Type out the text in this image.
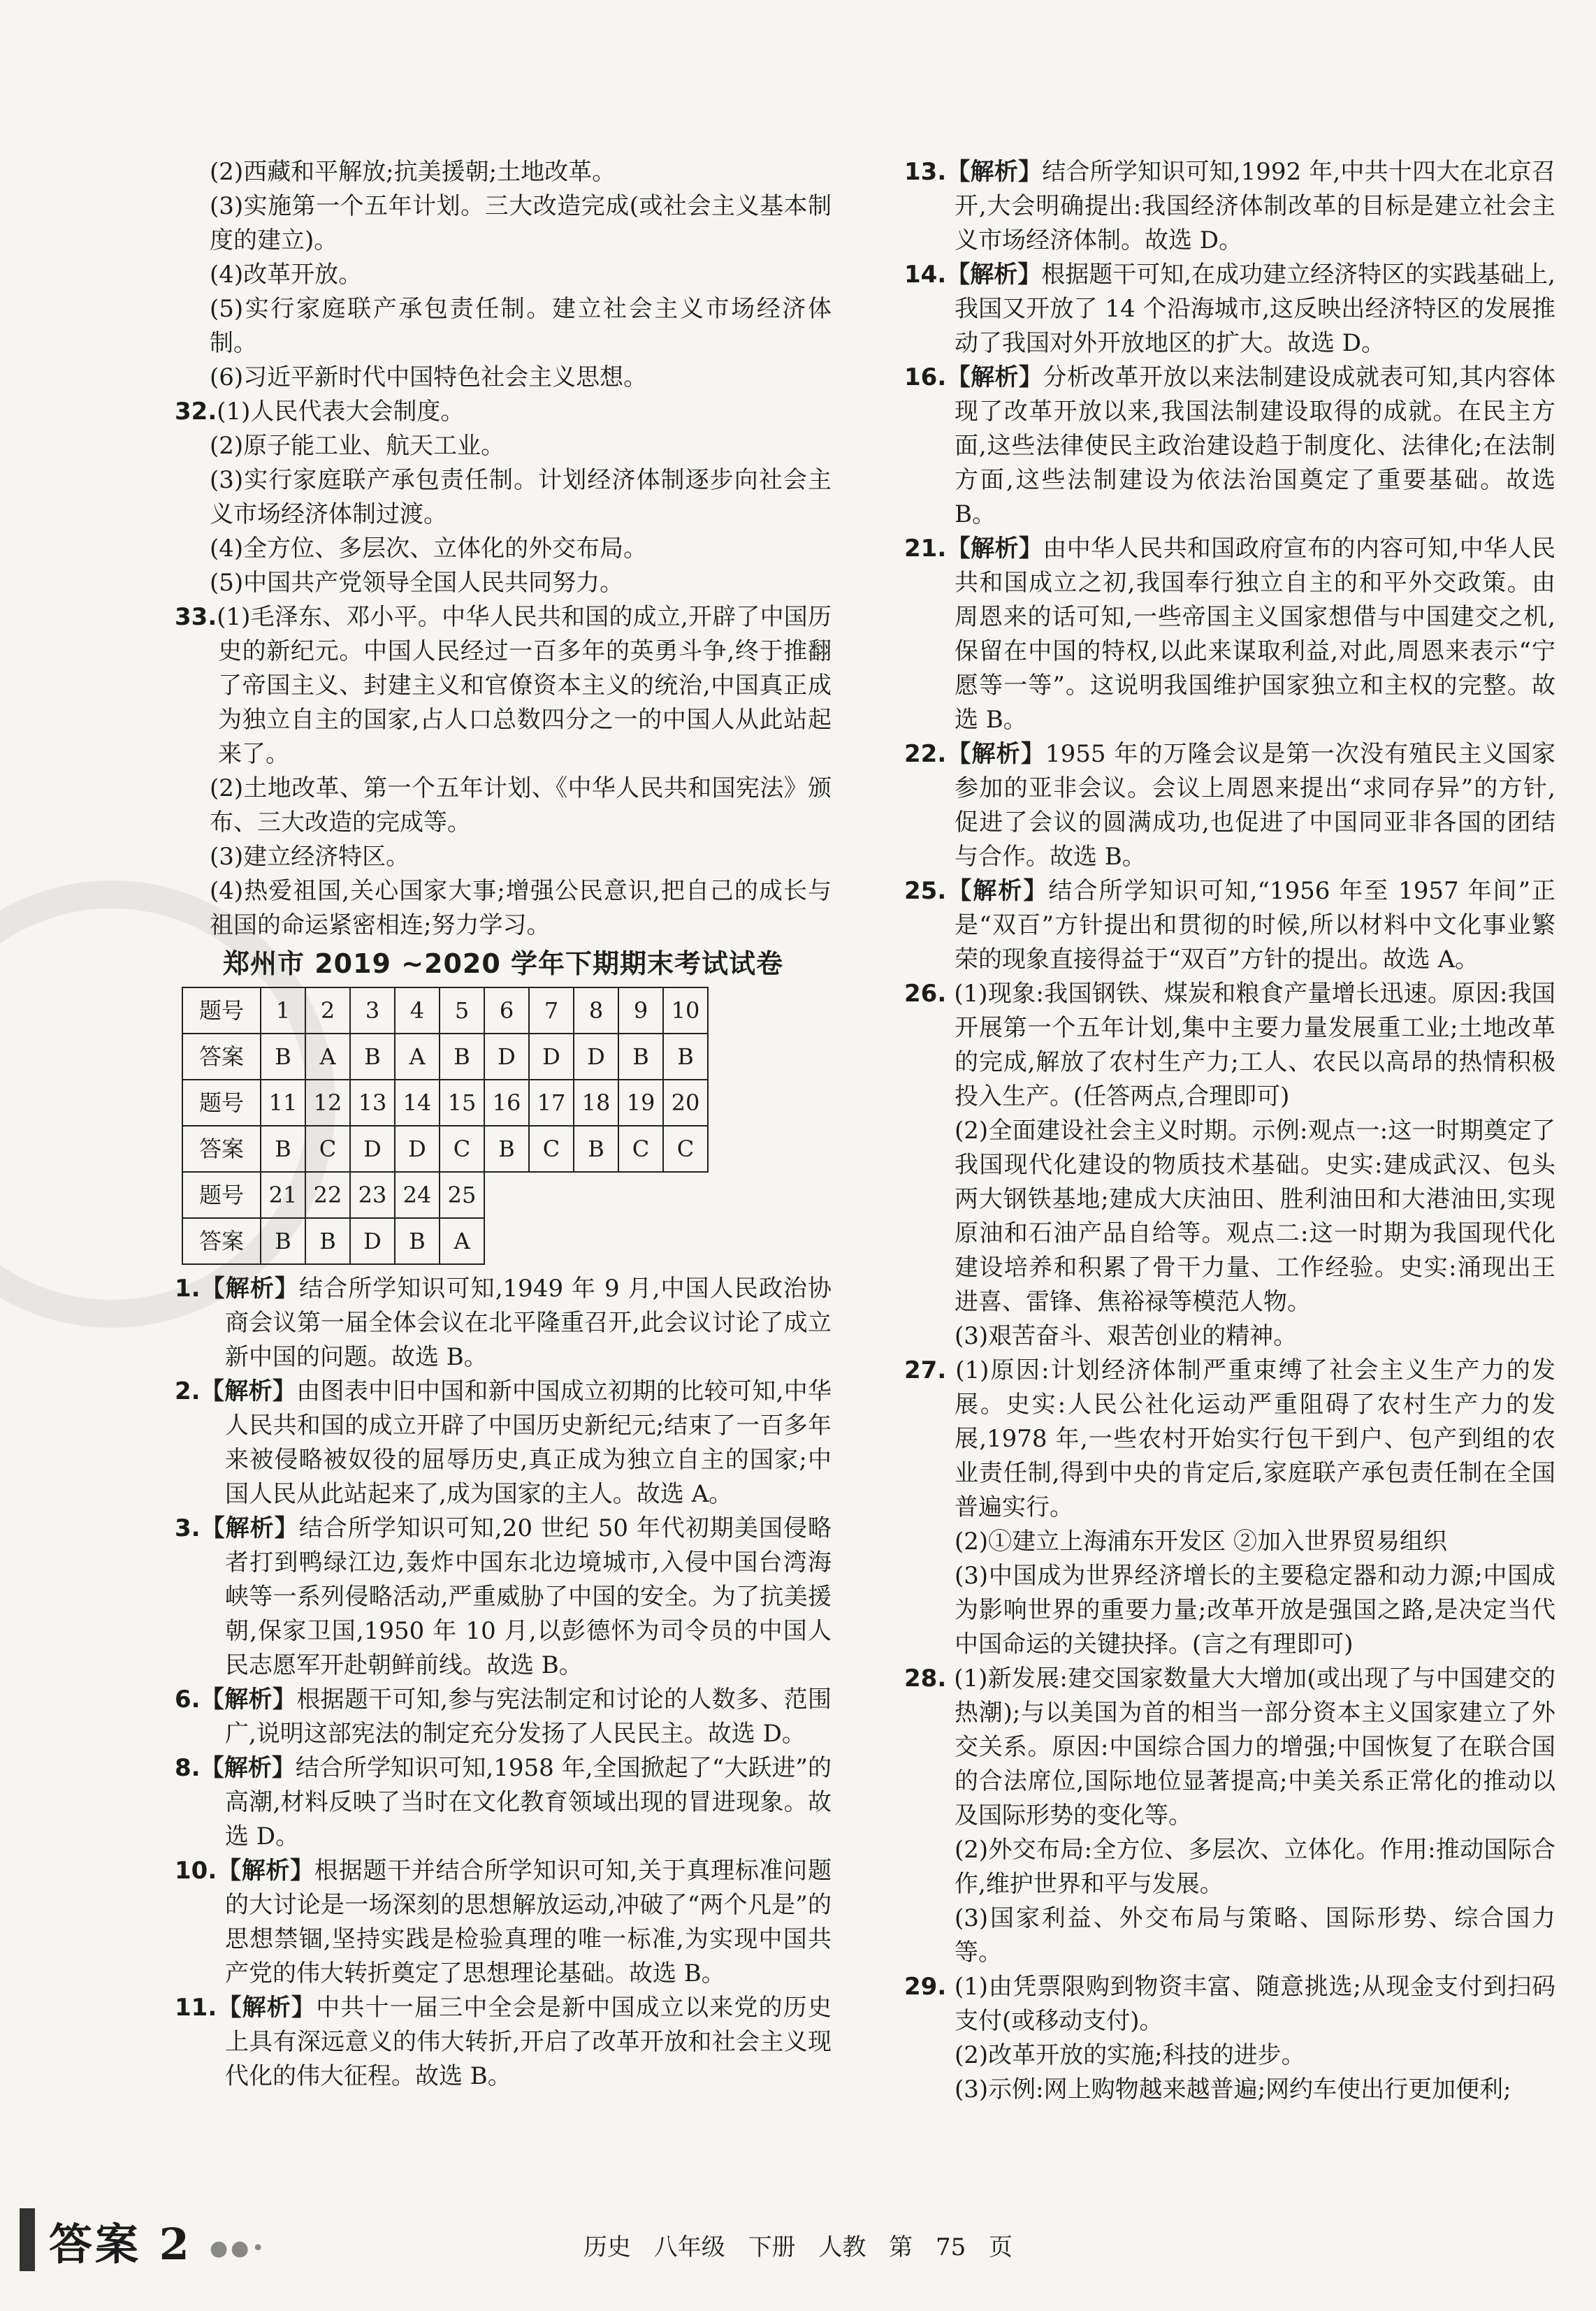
(2)西藏和平解放;抗美援朝;土地改革。

(3)实施第一个五年计划。三大改造完成(或社会主义基本制度的建立)。

(4)改革开放。

(5)实行家庭联产承包责任制。建立社会主义市场经济体制。

(6)习近平新时代中国特色社会主义思想。

32.(1)人民代表大会制度。

(2)原子能工业、航天工业。

(3)实行家庭联产承包责任制。计划经济体制逐步向社会主义市场经济体制过渡。

(4)全方位、多层次、立体化的外交布局。

(5)中国共产党领导全国人民共同努力。

33.(1)毛泽东、邓小平。中华人民共和国的成立,开辟了中国历史的新纪元。中国人民经过一百多年的英勇斗争,终于推翻了帝国主义、封建主义和官僚资本主义的统治,中国真正成为独立自主的国家,占人口总数四分之一的中国人从此站起来了。

(2)土地改革、第一个五年计划、《中华人民共和国宪法》颁布、三大改造的完成等。

(3)建立经济特区。

(4)热爱祖国,关心国家大事;增强公民意识,把自己的成长与祖国的命运紧密相连;努力学习。

郑州市 2019 ~2020 学年下期期末考试试卷
题号	1	2	3	4	5	6	7	8	9	10
答案	B	A	B	A	B	D	D	D	B	B
题号	11	12	13	14	15	16	17	18	19	20
答案	B	C	D	D	C	B	C	B	C	C
题号	21	22	23	24	25					
答案	B	B	D	B	A					

1.【解析】结合所学知识可知,1949 年 9 月,中国人民政治协商会议第一届全体会议在北平隆重召开,此会议讨论了成立新中国的问题。故选 B。

2.【解析】由图表中旧中国和新中国成立初期的比较可知,中华人民共和国的成立开辟了中国历史新纪元;结束了一百多年来被侵略被奴役的屈辱历史,真正成为独立自主的国家;中国人民从此站起来了,成为国家的主人。故选 A。

3.【解析】结合所学知识可知,20 世纪 50 年代初期美国侵略者打到鸭绿江边,轰炸中国东北边境城市,入侵中国台湾海峡等一系列侵略活动,严重威胁了中国的安全。为了抗美援朝,保家卫国,1950 年 10 月,以彭德怀为司令员的中国人民志愿军开赴朝鲜前线。故选 B。

6.【解析】根据题干可知,参与宪法制定和讨论的人数多、范围广,说明这部宪法的制定充分发扬了人民民主。故选 D。

8.【解析】结合所学知识可知,1958 年,全国掀起了“大跃进”的高潮,材料反映了当时在文化教育领域出现的冒进现象。故选 D。

10.【解析】根据题干并结合所学知识可知,关于真理标准问题的大讨论是一场深刻的思想解放运动,冲破了“两个凡是”的思想禁锢,坚持实践是检验真理的唯一标准,为实现中国共产党的伟大转折奠定了思想理论基础。故选 B。

11.【解析】中共十一届三中全会是新中国成立以来党的历史上具有深远意义的伟大转折,开启了改革开放和社会主义现代化的伟大征程。故选 B。

13.【解析】结合所学知识可知,1992 年,中共十四大在北京召开,大会明确提出:我国经济体制改革的目标是建立社会主义市场经济体制。故选 D。

14.【解析】根据题干可知,在成功建立经济特区的实践基础上,我国又开放了 14 个沿海城市,这反映出经济特区的发展推动了我国对外开放地区的扩大。故选 D。

16.【解析】分析改革开放以来法制建设成就表可知,其内容体现了改革开放以来,我国法制建设取得的成就。在民主方面,这些法律使民主政治建设趋于制度化、法律化;在法制方面,这些法制建设为依法治国奠定了重要基础。故选 B。

21.【解析】由中华人民共和国政府宣布的内容可知,中华人民共和国成立之初,我国奉行独立自主的和平外交政策。由周恩来的话可知,一些帝国主义国家想借与中国建交之机,保留在中国的特权,以此来谋取利益,对此,周恩来表示“宁愿等一等”。这说明我国维护国家独立和主权的完整。故选 B。

22.【解析】1955 年的万隆会议是第一次没有殖民主义国家参加的亚非会议。会议上周恩来提出“求同存异”的方针,促进了会议的圆满成功,也促进了中国同亚非各国的团结与合作。故选 B。

25.【解析】结合所学知识可知,“1956 年至 1957 年间”正是“双百”方针提出和贯彻的时候,所以材料中文化事业繁荣的现象直接得益于“双百”方针的提出。故选 A。

26. (1)现象:我国钢铁、煤炭和粮食产量增长迅速。原因:我国开展第一个五年计划,集中主要力量发展重工业;土地改革的完成,解放了农村生产力;工人、农民以高昂的热情积极投入生产。(任答两点,合理即可)

(2)全面建设社会主义时期。示例:观点一:这一时期奠定了我国现代化建设的物质技术基础。史实:建成武汉、包头两大钢铁基地;建成大庆油田、胜利油田和大港油田,实现原油和石油产品自给等。观点二:这一时期为我国现代化建设培养和积累了骨干力量、工作经验。史实:涌现出王进喜、雷锋、焦裕禄等模范人物。

(3)艰苦奋斗、艰苦创业的精神。

27. (1)原因:计划经济体制严重束缚了社会主义生产力的发展。史实:人民公社化运动严重阻碍了农村生产力的发展,1978 年,一些农村开始实行包干到户、包产到组的农业责任制,得到中央的肯定后,家庭联产承包责任制在全国普遍实行。

(2)①建立上海浦东开发区 ②加入世界贸易组织

(3)中国成为世界经济增长的主要稳定器和动力源;中国成为影响世界的重要力量;改革开放是强国之路,是决定当代中国命运的关键抉择。(言之有理即可)

28. (1)新发展:建交国家数量大大增加(或出现了与中国建交的热潮);与以美国为首的相当一部分资本主义国家建立了外交关系。原因:中国综合国力的增强;中国恢复了在联合国的合法席位,国际地位显著提高;中美关系正常化的推动以及国际形势的变化等。

(2)外交布局:全方位、多层次、立体化。作用:推动国际合作,维护世界和平与发展。

(3)国家利益、外交布局与策略、国际形势、综合国力等。

29. (1)由凭票限购到物资丰富、随意挑选;从现金支付到扫码支付(或移动支付)。

(2)改革开放的实施;科技的进步。

(3)示例:网上购物越来越普遍;网约车使出行更加便利;

答案 2 ●●•	历史 八年级 下册 人教 第 75 页
